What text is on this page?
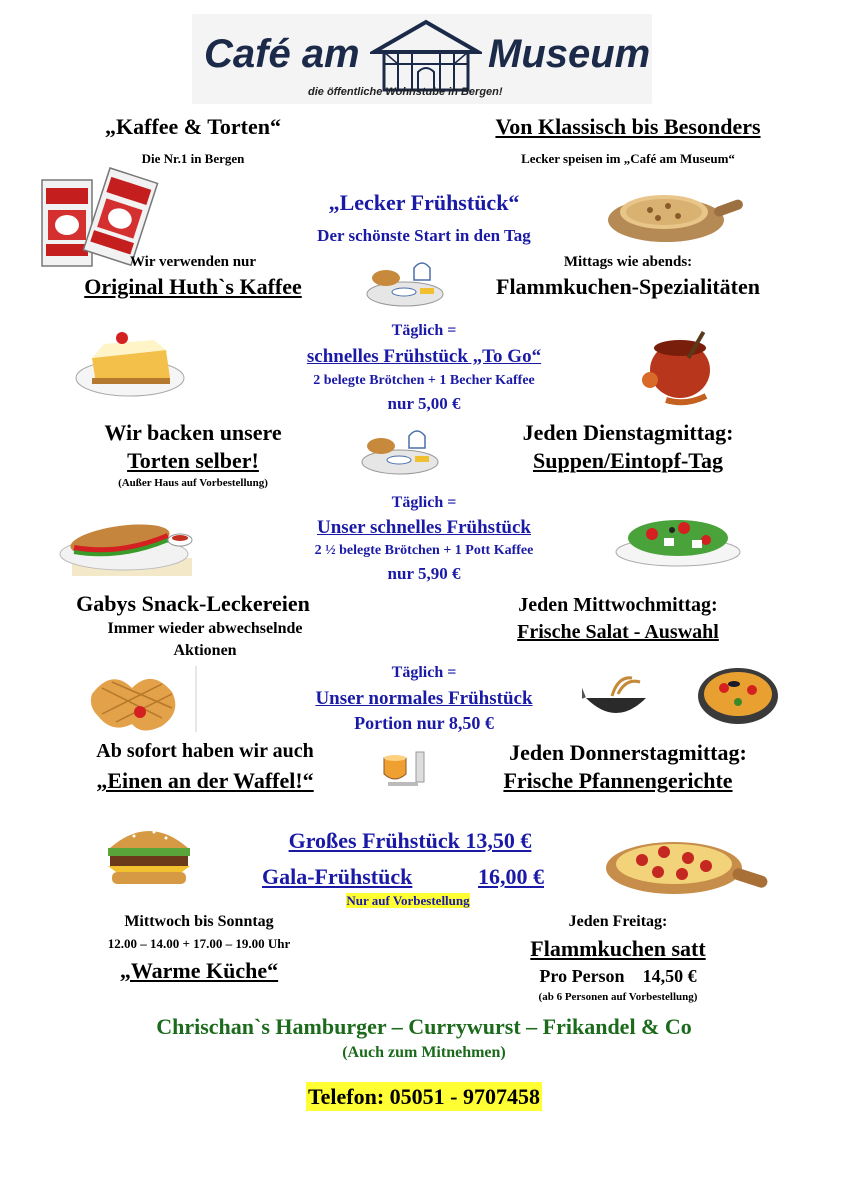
Café am	Museum
die öffentliche Wohnstube in Bergen!
„Kaffee & Torten“
Die Nr.1 in Bergen
Von Klassisch bis Besonders
Lecker speisen im „Café am Museum“
„Lecker Frühstück“
Der schönste Start in den Tag
Wir verwenden nur
Original Huth`s Kaffee
Mittags wie abends:
Flammkuchen-Spezialitäten
Täglich =
schnelles Frühstück „To Go“
2 belegte Brötchen + 1 Becher Kaffee
nur 5,00 €
Wir backen unsere
Torten selber!
(Außer Haus auf Vorbestellung)
Jeden Dienstagmittag:
Suppen/Eintopf-Tag
Täglich =
Unser schnelles Frühstück
2 ½ belegte Brötchen + 1 Pott Kaffee
nur 5,90 €
Gabys Snack-Leckereien
Immer wieder abwechselnde
Aktionen
Jeden Mittwochmittag:
Frische Salat - Auswahl
Täglich =
Unser normales Frühstück
Portion nur 8,50 €
Ab sofort haben wir auch
„Einen an der Waffel!“
Jeden Donnerstagmittag:
Frische Pfannengerichte
Großes Frühstück 13,50 €
Gala-Frühstück	16,00 €
Nur auf Vorbestellung
Mittwoch bis Sonntag
12.00 – 14.00 + 17.00 – 19.00 Uhr
„Warme Küche“
Jeden Freitag:
Flammkuchen satt
Pro Person 14,50 €
(ab 6 Personen auf Vorbestellung)
Chrischan`s Hamburger – Currywurst – Frikandel & Co
(Auch zum Mitnehmen)
Telefon: 05051 - 9707458
